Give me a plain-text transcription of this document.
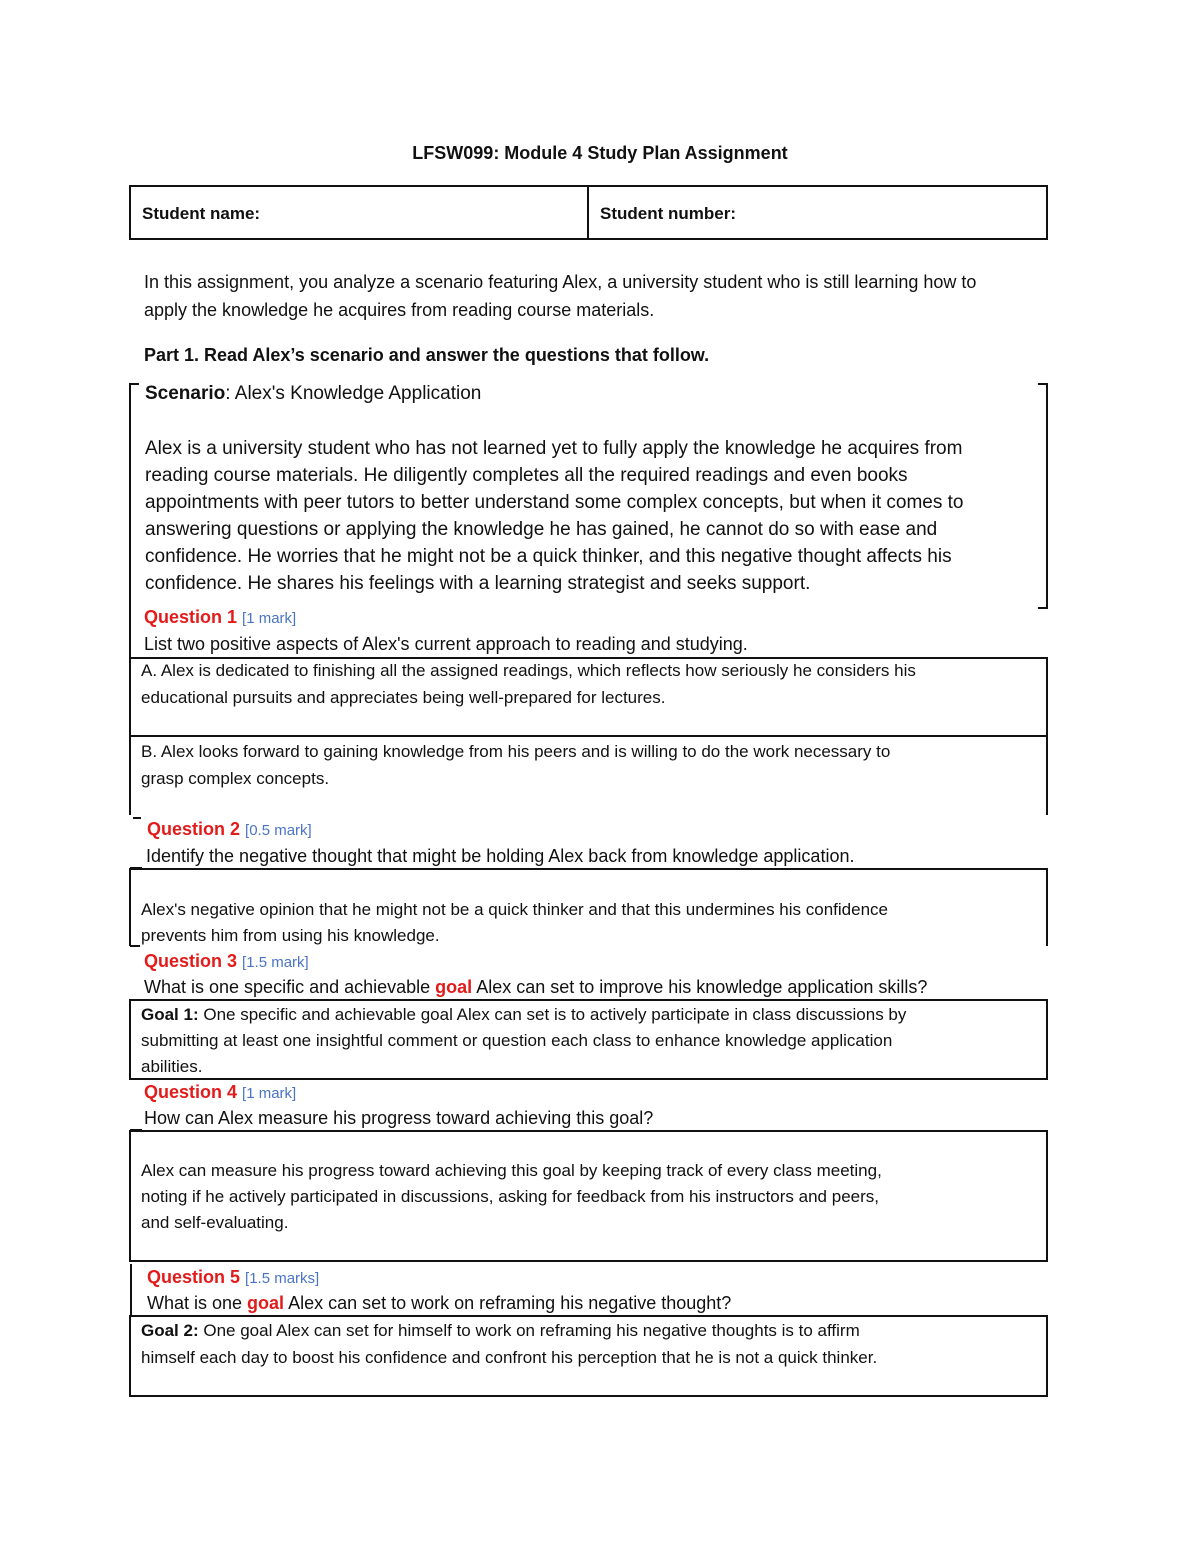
LFSW099: Module 4 Study Plan Assignment
Student name:	Student number:
In this assignment, you analyze a scenario featuring Alex, a university student who is still learning how to
apply the knowledge he acquires from reading course materials.
Part 1. Read Alex’s scenario and answer the questions that follow.
Scenario: Alex's Knowledge Application
Alex is a university student who has not learned yet to fully apply the knowledge he acquires from
reading course materials. He diligently completes all the required readings and even books
appointments with peer tutors to better understand some complex concepts, but when it comes to
answering questions or applying the knowledge he has gained, he cannot do so with ease and
confidence. He worries that he might not be a quick thinker, and this negative thought affects his
confidence. He shares his feelings with a learning strategist and seeks support.
Question 1 [1 mark]
List two positive aspects of Alex's current approach to reading and studying.
A. Alex is dedicated to finishing all the assigned readings, which reflects how seriously he considers his
educational pursuits and appreciates being well-prepared for lectures.
B. Alex looks forward to gaining knowledge from his peers and is willing to do the work necessary to
grasp complex concepts.
Question 2 [0.5 mark]
Identify the negative thought that might be holding Alex back from knowledge application.
Alex's negative opinion that he might not be a quick thinker and that this undermines his confidence
prevents him from using his knowledge.
Question 3 [1.5 mark]
What is one specific and achievable goal Alex can set to improve his knowledge application skills?
Goal 1: One specific and achievable goal Alex can set is to actively participate in class discussions by
submitting at least one insightful comment or question each class to enhance knowledge application
abilities.
Question 4 [1 mark]
How can Alex measure his progress toward achieving this goal?
Alex can measure his progress toward achieving this goal by keeping track of every class meeting,
noting if he actively participated in discussions, asking for feedback from his instructors and peers,
and self-evaluating.
Question 5 [1.5 marks]
What is one goal Alex can set to work on reframing his negative thought?
Goal 2: One goal Alex can set for himself to work on reframing his negative thoughts is to affirm
himself each day to boost his confidence and confront his perception that he is not a quick thinker.
